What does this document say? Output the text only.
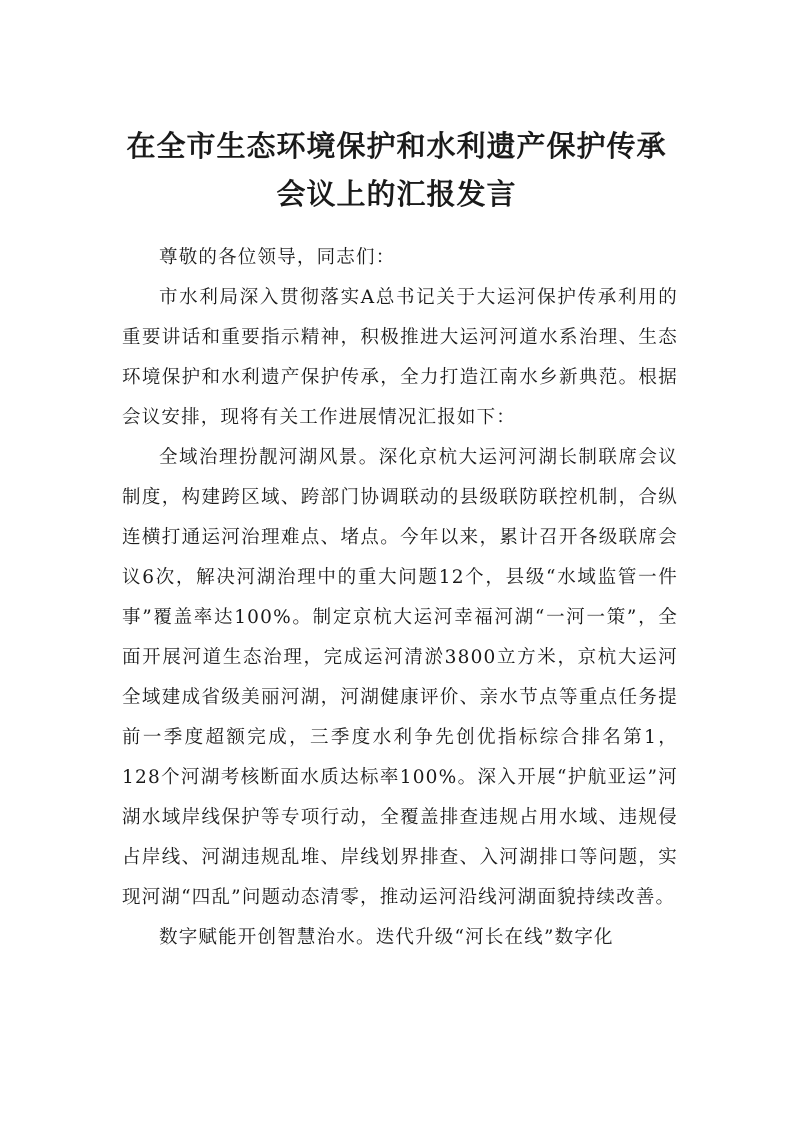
在全市生态环境保护和水利遗产保护传承
会议上的汇报发言

尊敬的各位领导，同志们：

市水利局深入贯彻落实A总书记关于大运河保护传承利用的重要讲话和重要指示精神，积极推进大运河河道水系治理、生态环境保护和水利遗产保护传承，全力打造江南水乡新典范。根据会议安排，现将有关工作进展情况汇报如下：

全域治理扮靓河湖风景。深化京杭大运河河湖长制联席会议制度，构建跨区域、跨部门协调联动的县级联防联控机制，合纵连横打通运河治理难点、堵点。今年以来，累计召开各级联席会议6次，解决河湖治理中的重大问题12个，县级“水域监管一件事”覆盖率达100%。制定京杭大运河幸福河湖“一河一策”，全面开展河道生态治理，完成运河清淤3800立方米，京杭大运河全域建成省级美丽河湖，河湖健康评价、亲水节点等重点任务提前一季度超额完成，三季度水利争先创优指标综合排名第1，128个河湖考核断面水质达标率100%。深入开展“护航亚运”河湖水域岸线保护等专项行动，全覆盖排查违规占用水域、违规侵占岸线、河湖违规乱堆、岸线划界排查、入河湖排口等问题，实现河湖“四乱”问题动态清零，推动运河沿线河湖面貌持续改善。

数字赋能开创智慧治水。迭代升级“河长在线”数字化
